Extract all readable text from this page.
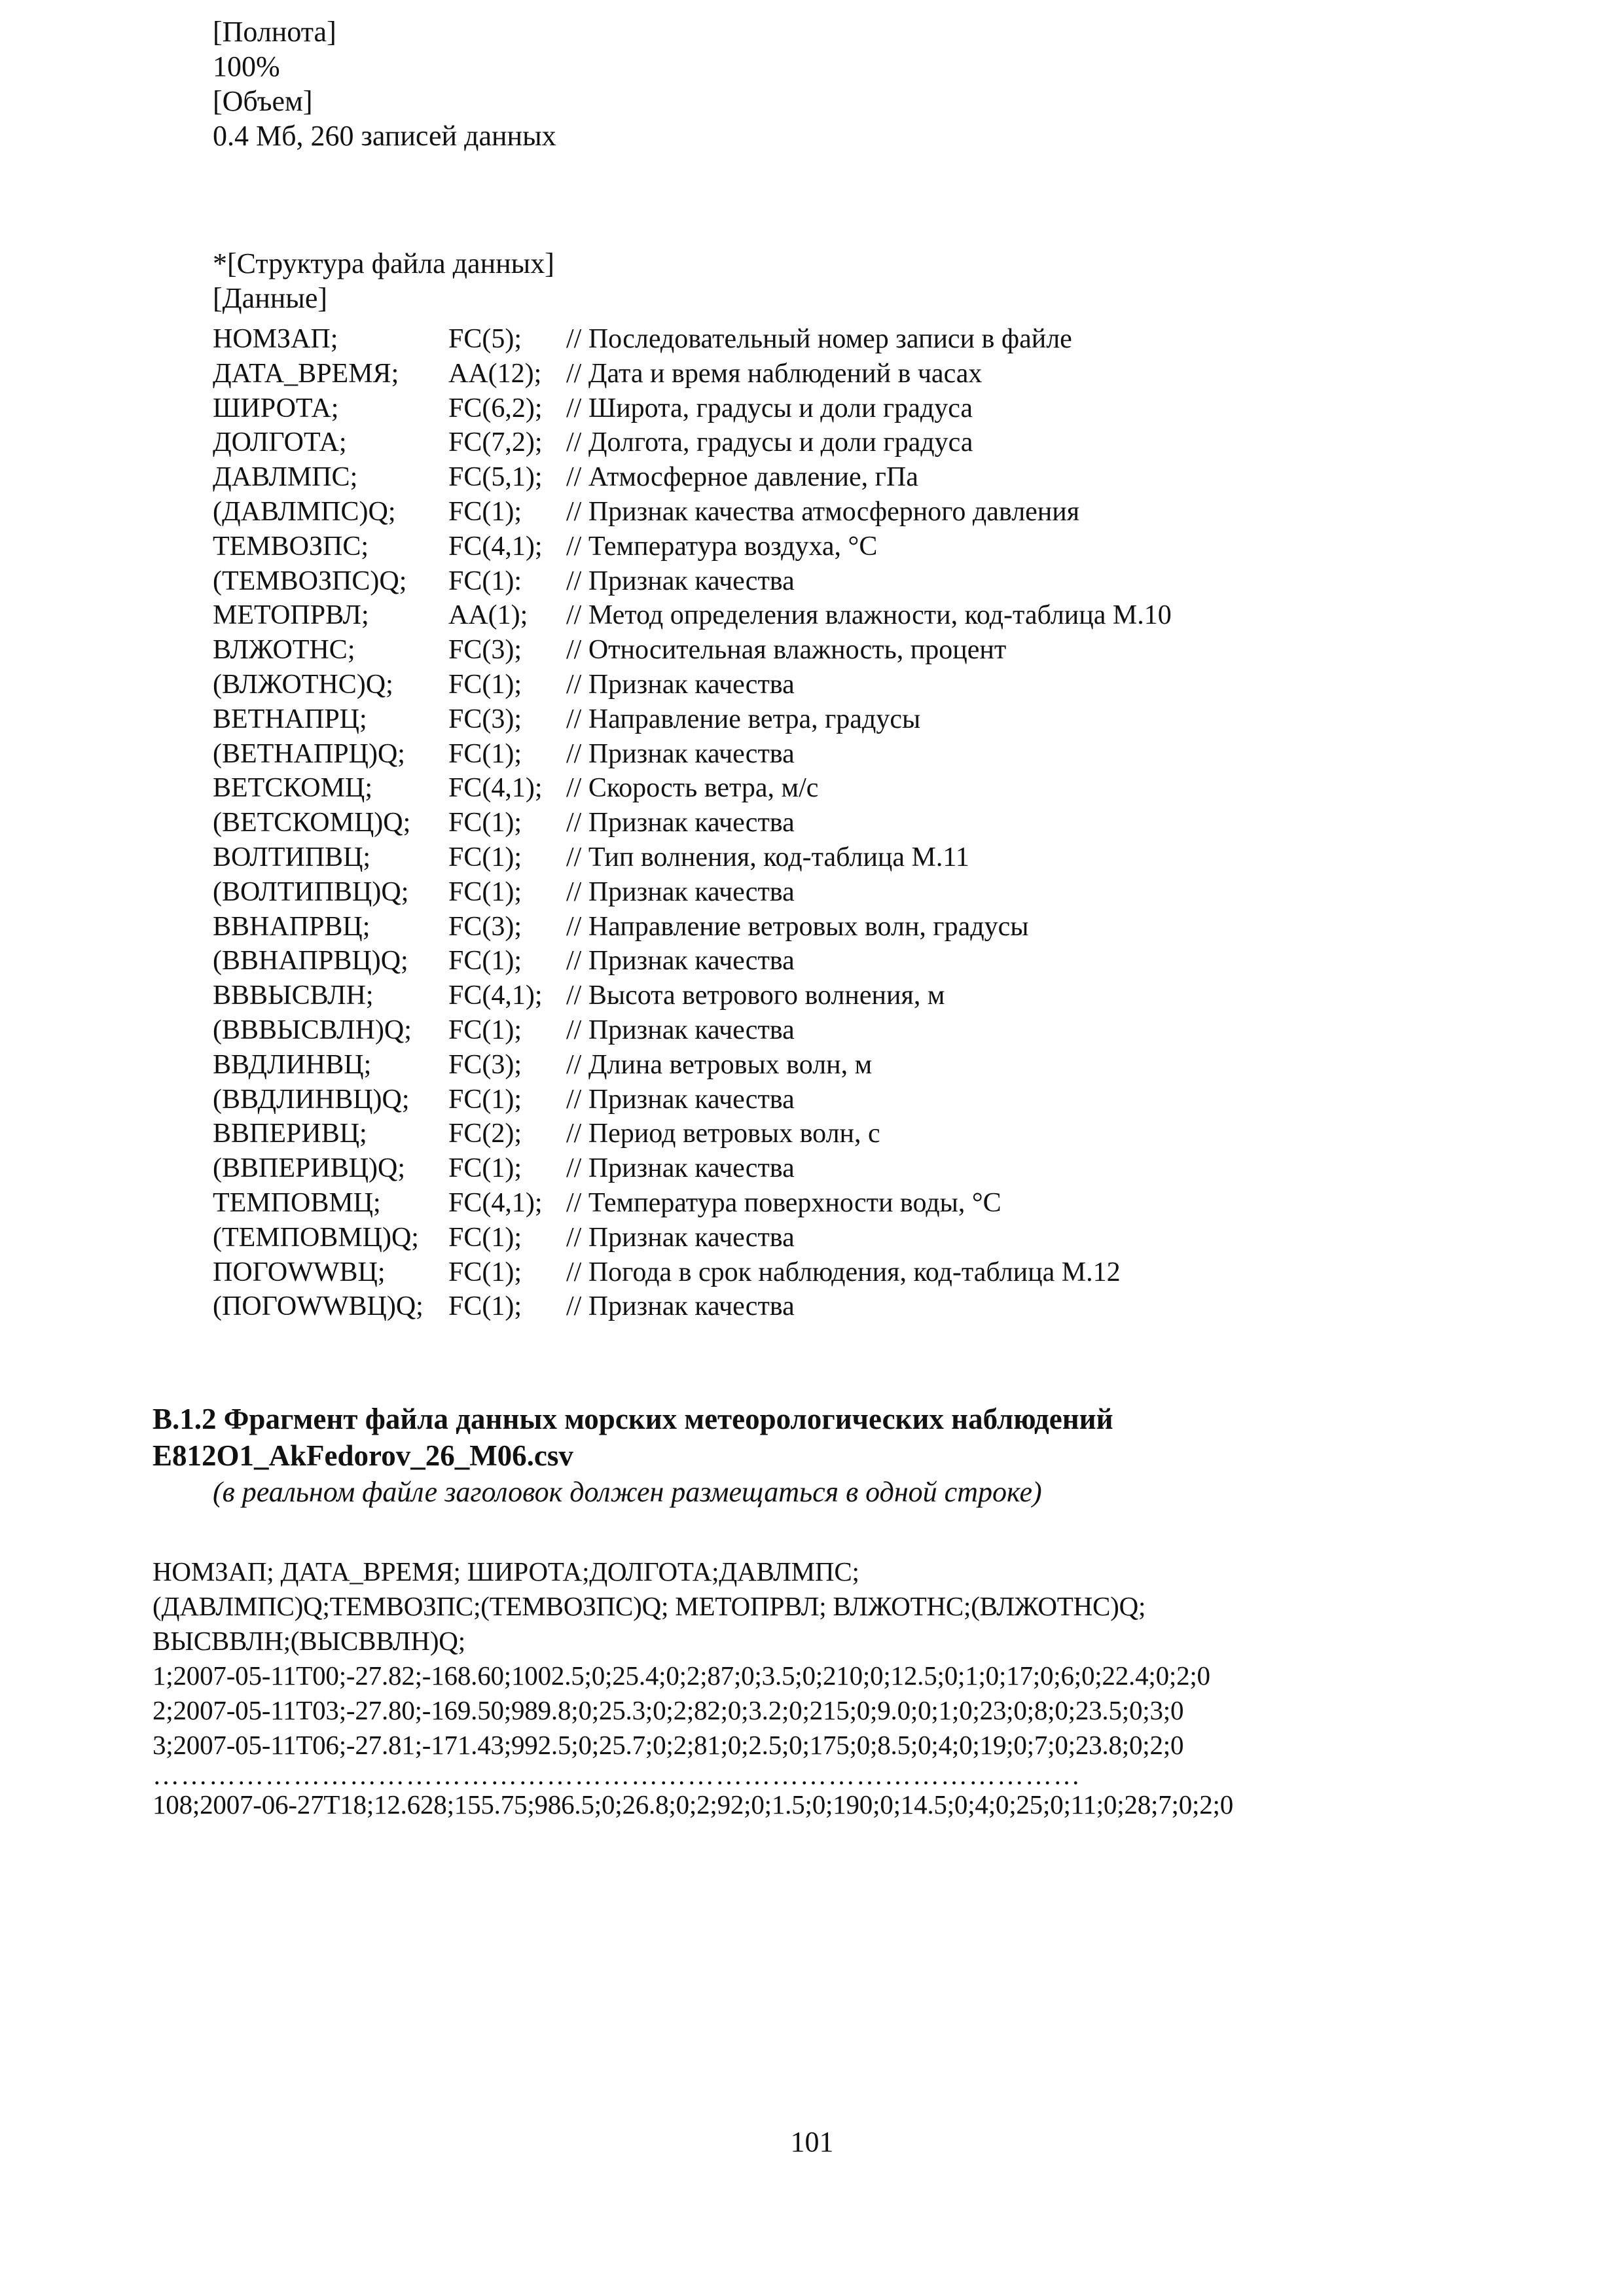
[Полнота]
100%
[Объем]
0.4 Мб, 260 записей данных
*[Структура файла данных]
[Данные]
НОМЗАП;	FC(5); // Последовательный номер записи в файле
ДАТА_ВРЕМЯ; AA(12); // Дата и время наблюдений в часах
ШИРОТА;	FC(6,2); // Широта, градусы и доли градуса
ДОЛГОТА;	FC(7,2); // Долгота, градусы и доли градуса
ДАВЛМПС;	FC(5,1); // Атмосферное давление, гПа
(ДАВЛМПС)Q; FC(1); // Признак качества атмосферного давления
ТЕМВОЗПС;	FC(4,1); // Температура воздуха, °С
(ТЕМВОЗПС)Q; FC(1): // Признак качества
МЕТОПРВЛ;	AA(1); // Метод определения влажности, код-таблица М.10
ВЛЖОТНС;	FC(3); // Относительная влажность, процент
(ВЛЖОТНС)Q; FC(1); // Признак качества
ВЕТНАПРЦ;	FC(3); // Направление ветра, градусы
(ВЕТНАПРЦ)Q; FC(1); // Признак качества
ВЕТСКОМЦ;	FC(4,1); // Скорость ветра, м/с
(ВЕТСКОМЦ)Q; FC(1); // Признак качества
ВОЛТИПВЦ;	FC(1); // Тип волнения, код-таблица М.11
(ВОЛТИПВЦ)Q; FC(1); // Признак качества
ВВНАПРВЦ;	FC(3); // Направление ветровых волн, градусы
(ВВНАПРВЦ)Q; FC(1); // Признак качества
ВВВЫСВЛН;	FC(4,1); // Высота ветрового волнения, м
(ВВВЫСВЛН)Q; FC(1); // Признак качества
ВВДЛИНВЦ;	FC(3); // Длина ветровых волн, м
(ВВДЛИНВЦ)Q; FC(1); // Признак качества
ВВПЕРИВЦ;	FC(2); // Период ветровых волн, с
(ВВПЕРИВЦ)Q; FC(1); // Признак качества
ТЕМПОВМЦ; FC(4,1); // Температура поверхности воды, °С
(ТЕМПОВМЦ)Q; FC(1); // Признак качества
ПОГОWWВЦ; FC(1); // Погода в срок наблюдения, код-таблица М.12
(ПОГОWWВЦ)Q; FC(1); // Признак качества
В.1.2 Фрагмент файла данных морских метеорологических наблюдений
E812O1_AkFedorov_26_M06.csv
(в реальном файле заголовок должен размещаться в одной строке)
НОМЗАП; ДАТА_ВРЕМЯ; ШИРОТА;ДОЛГОТА;ДАВЛМПС;
(ДАВЛМПС)Q;ТЕМВОЗПС;(ТЕМВОЗПС)Q; МЕТОПРВЛ; ВЛЖОТНС;(ВЛЖОТНС)Q;
ВЫСВВЛН;(ВЫСВВЛН)Q;
1;2007-05-11T00;-27.82;-168.60;1002.5;0;25.4;0;2;87;0;3.5;0;210;0;12.5;0;1;0;17;0;6;0;22.4;0;2;0
2;2007-05-11T03;-27.80;-169.50;989.8;0;25.3;0;2;82;0;3.2;0;215;0;9.0;0;1;0;23;0;8;0;23.5;0;3;0
3;2007-05-11T06;-27.81;-171.43;992.5;0;25.7;0;2;81;0;2.5;0;175;0;8.5;0;4;0;19;0;7;0;23.8;0;2;0
………………………………………………………………………………………
108;2007-06-27T18;12.628;155.75;986.5;0;26.8;0;2;92;0;1.5;0;190;0;14.5;0;4;0;25;0;11;0;28;7;0;2;0
101
